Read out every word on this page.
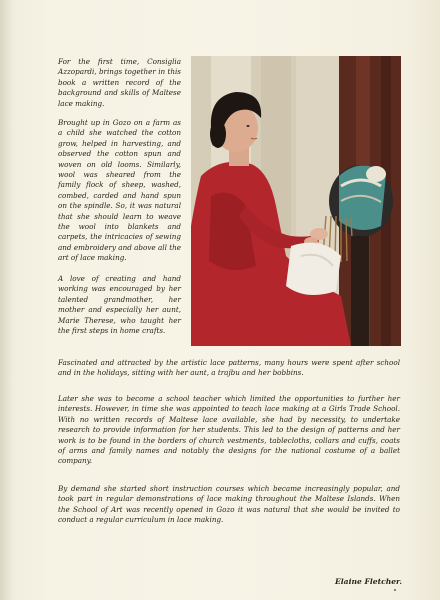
For the first time, Consiglia Azzopardi, brings together in this book a written record of the background and skills of Maltese lace making.

Brought up in Gozo on a farm as a child she watched the cotton grow, helped in harvesting, and observed the cotton spun and woven on old looms. Similarly, wool was sheared from the family flock of sheep, washed, combed, carded and hand spun on the spindle. So, it was natural that she should learn to weave the wool into blankets and carpets, the intricacies of sewing and embroidery and above all the art of lace making.

A love of creating and hand working was encouraged by her talented grandmother, her mother and especially her aunt, Marie Therese, who taught her the first steps in home crafts.

Fascinated and attracted by the artistic lace patterns, many hours were spent after school and in the holidays, sitting with her aunt, a trajbu and her bobbins.

Later she was to become a school teacher which limited the opportunities to further her interests. However, in time she was appointed to teach lace making at a Girls Trade School. With no written records of Maltese lace available, she had by necessity, to undertake research to provide information for her students. This led to the design of patterns and her work is to be found in the borders of church vestments, tablecloths, collars and cuffs, coats of arms and family names and notably the designs for the national costume of a ballet company.

By demand she started short instruction courses which became increasingly popular, and took part in regular demonstrations of lace making throughout the Maltese Islands. When the School of Art was recently opened in Gozo it was natural that she would be invited to conduct a regular curriculum in lace making.

Elaine Fletcher.
